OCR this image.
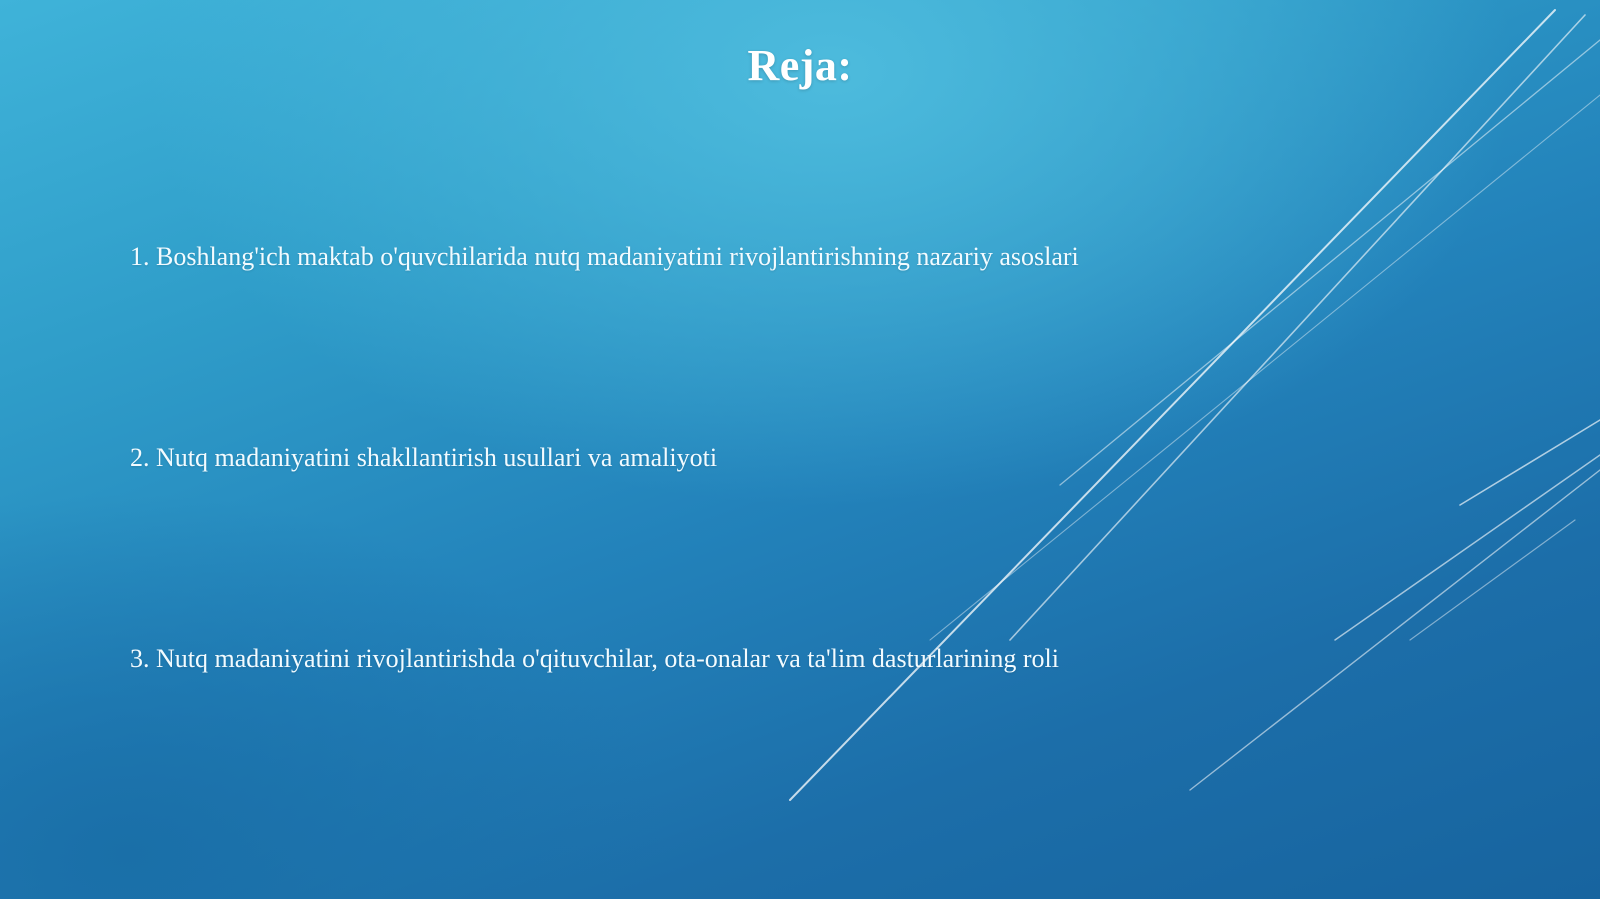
Reja:
1. Boshlang'ich maktab o'quvchilarida nutq madaniyatini rivojlantirishning nazariy asoslari
2. Nutq madaniyatini shakllantirish usullari va amaliyoti
3. Nutq madaniyatini rivojlantirishda o'qituvchilar, ota-onalar va ta'lim dasturlarining roli
